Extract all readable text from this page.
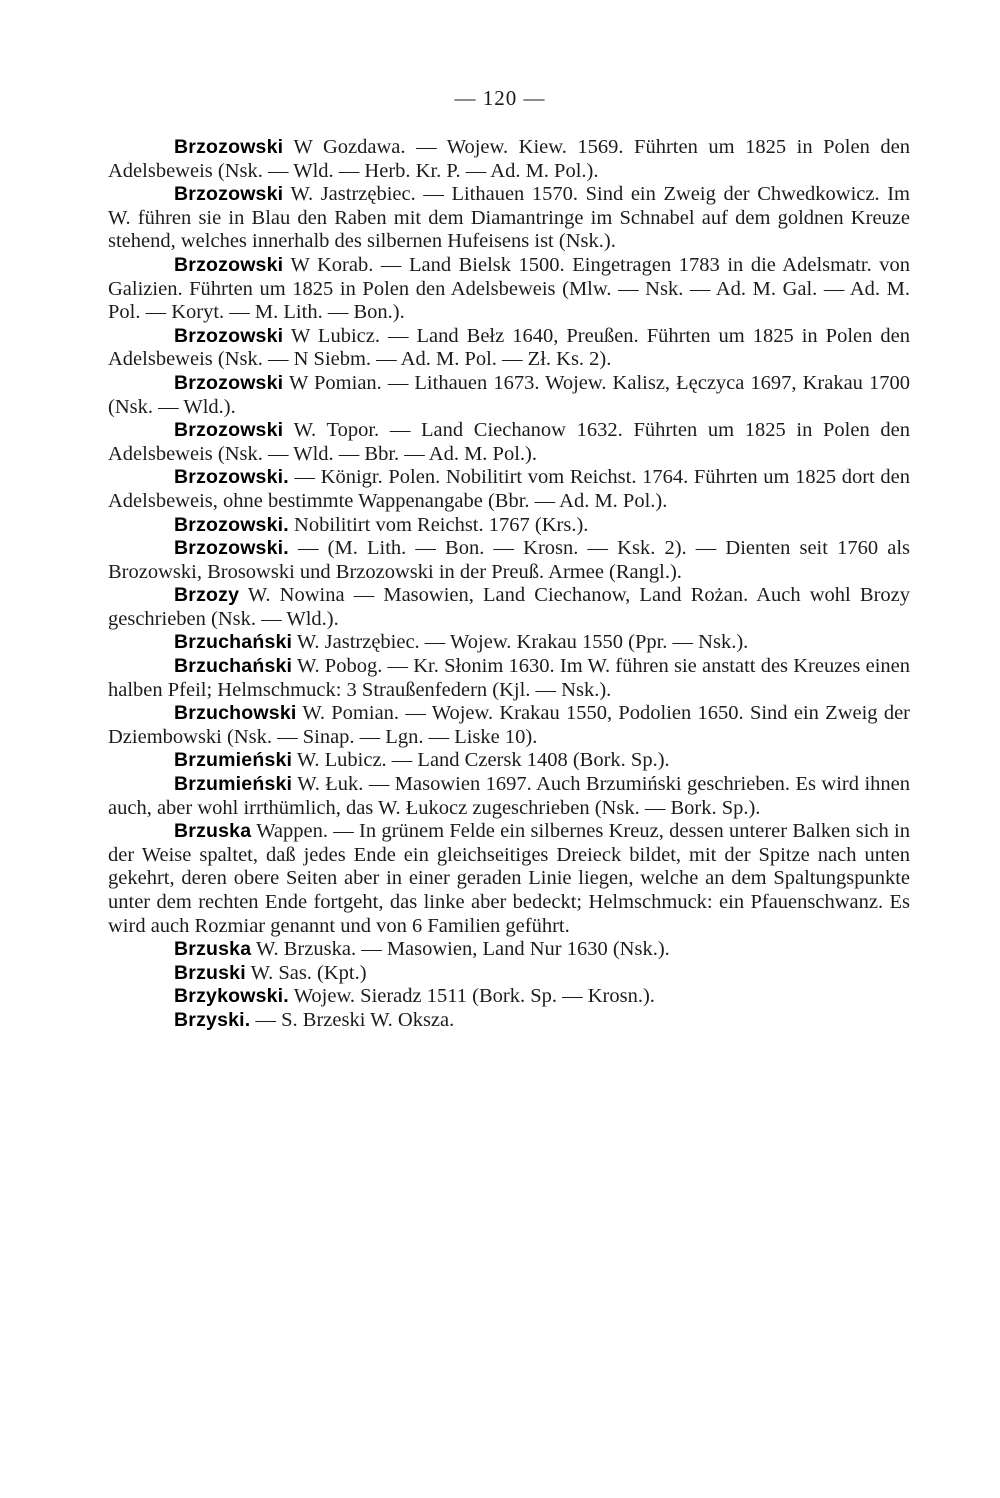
— 120 —

Brzozowski W Gozdawa. — Wojew. Kiew. 1569. Führten um 1825 in Polen den Adelsbeweis (Nsk. — Wld. — Herb. Kr. P. — Ad. M. Pol.).

Brzozowski W. Jastrzębiec. — Lithauen 1570. Sind ein Zweig der Chwedkowicz. Im W. führen sie in Blau den Raben mit dem Diamantringe im Schnabel auf dem goldnen Kreuze stehend, welches innerhalb des silbernen Hufeisens ist (Nsk.).

Brzozowski W Korab. — Land Bielsk 1500. Eingetragen 1783 in die Adelsmatr. von Galizien. Führten um 1825 in Polen den Adelsbeweis (Mlw. — Nsk. — Ad. M. Gal. — Ad. M. Pol. — Koryt. — M. Lith. — Bon.).

Brzozowski W Lubicz. — Land Bełz 1640, Preußen. Führten um 1825 in Polen den Adelsbeweis (Nsk. — N Siebm. — Ad. M. Pol. — Zł. Ks. 2).

Brzozowski W Pomian. — Lithauen 1673. Wojew. Kalisz, Łęczyca 1697, Krakau 1700 (Nsk. — Wld.).

Brzozowski W. Topor. — Land Ciechanow 1632. Führten um 1825 in Polen den Adelsbeweis (Nsk. — Wld. — Bbr. — Ad. M. Pol.).

Brzozowski. — Königr. Polen. Nobilitirt vom Reichst. 1764. Führten um 1825 dort den Adelsbeweis, ohne bestimmte Wappenangabe (Bbr. — Ad. M. Pol.).

Brzozowski. Nobilitirt vom Reichst. 1767 (Krs.).

Brzozowski. — (M. Lith. — Bon. — Krosn. — Ksk. 2). — Dienten seit 1760 als Brozowski, Brosowski und Brzozowski in der Preuß. Armee (Rangl.).

Brzozy W. Nowina — Masowien, Land Ciechanow, Land Rożan. Auch wohl Brozy geschrieben (Nsk. — Wld.).

Brzuchański W. Jastrzębiec. — Wojew. Krakau 1550 (Ppr. — Nsk.).

Brzuchański W. Pobog. — Kr. Słonim 1630. Im W. führen sie anstatt des Kreuzes einen halben Pfeil; Helmschmuck: 3 Straußenfedern (Kjl. — Nsk.).

Brzuchowski W. Pomian. — Wojew. Krakau 1550, Podolien 1650. Sind ein Zweig der Dziembowski (Nsk. — Sinap. — Lgn. — Liske 10).

Brzumieński W. Lubicz. — Land Czersk 1408 (Bork. Sp.).

Brzumieński W. Łuk. — Masowien 1697. Auch Brzumiński geschrieben. Es wird ihnen auch, aber wohl irrthümlich, das W. Łukocz zugeschrieben (Nsk. — Bork. Sp.).

Brzuska Wappen. — In grünem Felde ein silbernes Kreuz, dessen unterer Balken sich in der Weise spaltet, daß jedes Ende ein gleichseitiges Dreieck bildet, mit der Spitze nach unten gekehrt, deren obere Seiten aber in einer geraden Linie liegen, welche an dem Spaltungspunkte unter dem rechten Ende fortgeht, das linke aber bedeckt; Helmschmuck: ein Pfauenschwanz. Es wird auch Rozmiar genannt und von 6 Familien geführt.

Brzuska W. Brzuska. — Masowien, Land Nur 1630 (Nsk.).

Brzuski W. Sas. (Kpt.)

Brzykowski. Wojew. Sieradz 1511 (Bork. Sp. — Krosn.).

Brzyski. — S. Brzeski W. Oksza.
